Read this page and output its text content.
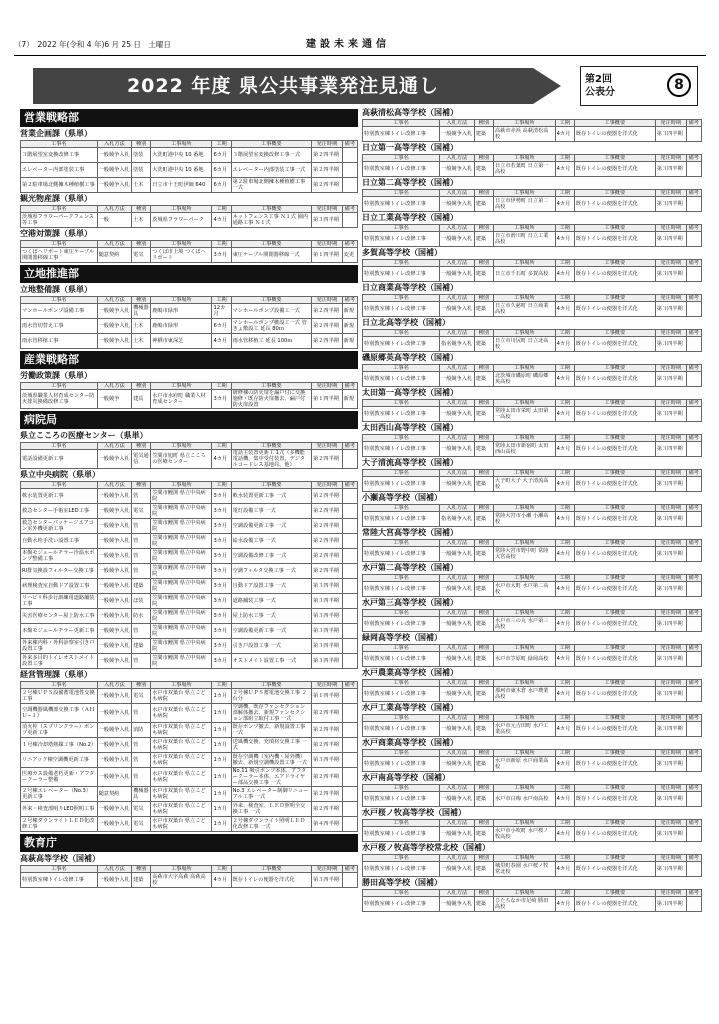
（7）　2022 年(令和 4 年)6 月 25 日　土曜日	建設未来通信
2022 年度 県公共事業発注見通し	第2回
公表分	8
営業戦略部
営業企画課（県単）
工事名	入札方法	種別	工事場所	工期	工事概要	発注時期	備考
３階展望室変換改修工事	一般競争入札	塗装	大洗町港中央 10 番地	6カ月	３階展望室変換改修工事一式	第２四半期	
エレベーター内部塗装工事	一般競争入札	塗装	大洗町港中央 10 番地	6カ月	エレベーター内部塗装工事一式	第２四半期	
第２駐車場北側擁木種植樹工事	一般競争入札	土木	日立市十王町伊師 640	6カ月	第２駐車場北側擁木種植樹工事一式	第２四半期	
観光物産課（県単）
工事名	入札方法	種別	工事場所	工期	工事概要	発注時期	備考
茨城県フラワーパークフェンス等工事	一般	土木	茨城県フラワーパーク	4カ月	ネットフェンス工事 Ｎ１式 園内通路工事 Ｎ１式	第３四半期	
空港対策課（県単）
工事名	入札方法	種別	工事場所	工期	工事概要	発注時期	備考
つくばヘリポート東圧ケーブル関閉器移線工事	随意契約	電気	つくば市上境 つくばヘリポート	3カ月	東圧ケーブル関閉器移線一式	第１四半期	変更
立地推進部
立地整備課（県単）
工事名	入札方法	種別	工事場所	工期	工事概要	発注時期	備考
マンホールポンプ設備工事	一般競争入札	機械器具	鹿嶋市緑形	12カ月	マンホールポンプ設備工一式	第２四半期	新規
雨水管切替え工事	一般競争入札	土木	鹿嶋市緑形	6カ月	マンホールポンプ撤設工一式 管きょ敷設工 延長 80ｍ	第２四半期	新規
雨水管移植工事	一般競争入札	土木	神栖市東深芝	4カ月	雨水管移植工 延長 100ｍ	第２四半期	新規
産業戦略部
労働政策課（県単）
工事名	入札方法	種別	工事場所	工期	工事概要	発注時期	備考
茨城県職業人材育成センター防火排災換備改修工事	一般競争	建具	水戸市水府町 職業人材育成センター	3カ月	研修棟の防火扉を漏戸付に交換施修・既存防火扉撤去、漏戸付防火扉設置	第１四半期	新規
病院局
県立こころの医療センター（県単）
工事名	入札方法	種別	工事場所	工期	工事概要	発注時期	備考
電話設備更新工事	一般競争入札	電気通信	笠間市旭町 県立こころの医療センター	4カ月	電話主装置更新工 1式（多機能電話機、集中受付装置、デジタルコードレス基地局、他）	第２四半期	
県立中央病院（県単）
工事名	入札方法	種別	工事場所	工期	工事概要	発注時期	備考
軟水装置更新工事	一般競争入札	管	笠間市鯉渕 県立中央病院	3カ月	軟水装置更新工事 一式	第２四半期	
救急センター手術室LED工事	一般競争入札	電気	笠間市鯉渕 県立中央病院	3カ月	電灯設備工事 一式	第２四半期	
救急センターパッケージエアコン室外機更新工事	一般競争入札	管	笠間市鯉渕 県立中央病院	3カ月	空調設備更新工事 一式	第２四半期	
自動水栓手洗い設置工事	一般競争入札	管	笠間市鯉渕 県立中央病院	3カ月	給水設備工事 一式	第２四半期	
本館モジュールチラー冷温水ポンプ整備工事	一般競争入札	管	笠間市鯉渕 県立中央病院	3カ月	空調設備改修工事 一式	第２四半期	
RI排気換設フィルター交換工事	一般競争入札	管	笠間市鯉渕 県立中央病院	3カ月	空調フィルタ交換工事 一式	第２四半期	
病理検査室自動ドア設置工事	一般競争入札	建築	笠間市鯉渕 県立中央病院	3カ月	自動ドア設置工事 一式	第３四半期	
リハビリ科歩行訓練用道路舗装工事	一般競争入札	ほ装	笠間市鯉渕 県立中央病院	3カ月	道路舗装工事 一式	第３四半期	
災害医療センター屋上防水工事	一般競争入札	防水	笠間市鯉渕 県立中央病院	3カ月	屋上防水工事 一式	第３四半期	
本館モジュールチラー更新工事	一般競争入札	管	笠間市鯉渕 県立中央病院	3カ月	空調設備更新工事 一式	第３四半期	
外来棟内科・外科診察室引き戸設置工事	一般競争入札	建築	笠間市鯉渕 県立中央病院	3カ月	引き戸設置工事 一式	第３四半期	
外来多目的トイレオストメイト設置工事	一般競争入札	管	笠間市鯉渕 県立中央病院	3カ月	オストメイト設置工事 一式	第３四半期	
経営管理課（県単）
工事名	入札方法	種別	工事場所	工期	工事概要	発注時期	備考
２号棟ＵＰＳ設備蓄電池性交換工事	一般競争入札	電気	水戸市双葉台 県立こども病院	1カ月	２号棟ＵＰＳ蓄電池交換工事 ２台分	第１四半期	
空調機器風機部交換工事（ＡＨＵ−１）	一般競争入札	管	水戸市双葉台 県立こども病院	1カ月	空調機、既存ファンセクション部解体撤去、新規ファンセクション部組立取付工事 一式	第２四半期	
消火栓（スプリンクラー）ポンプ更新工事	一般競争入札	消防	水戸市双葉台 県立こども病院	1カ月	既存ポンプ撤去、新規設置工事 一式	第２四半期	
１号棟冷却塔熱媒工事（No.2）	一般競争入札	管	水戸市双葉台 県立こども病院	1カ月	送風機交換、充填材交換工事 一式	第２四半期	
リニアック棟空調機更新工事	一般競争入札	管	水戸市双葉台 県立こども病院	1カ月	既存空調機（室内機・屋外機）撤去、新規空調機設置工事 一式	第３四半期	
医療ガス設備老朽更新・アフタークーラー整備	一般競争入札	管	水戸市双葉台 県立こども病院	1カ月	No.11 吸引ポンプ本体、アフタークーラー本体、エアドライヤー部品交換工事 一式	第２四半期	
２号棟エレベーター（No.3）更新工事	随意契約	機械器具	水戸市双葉台 県立こども病院	1カ月	No.3 エレベーター制御リニューアル工事 一式	第２四半期	
外来・検査部明りLED照明工事	一般競争入札	電気	水戸市双葉台 県立こども病院	1カ月	外来、検査室、ＬＥＤ照明全交換工事 一式	第２四半期	
２号棟ダウンライトＬＥＤ化改修工事	一般競争入札	電気	水戸市双葉台 県立こども病院	1カ月	２号棟ダウンライト照明ＬＥＤ化改修工事 一式	第４四半期	
教育庁
高萩高等学校（国補）
工事名	入札方法	種別	工事場所	工期	工事概要	発注時期	備考
特別教室棟トイレ改修工事	一般競争入札	建築	高萩市大字高萩 高萩高校	4カ月	既存トイレの便器を洋式化	第３四半期	
高萩清松高等学校（国補）
工事名	入札方法	種別	工事場所	工期	工事概要	発注時期	備考
特別教室棟トイレ改修工事	一般競争入札	建築	高萩市赤浜 高萩清松高校	4カ月	既存トイレの便器を洋式化	第３四半期	
日立第一高等学校（国補）
工事名	入札方法	種別	工事場所	工期	工事概要	発注時期	備考
特別教室棟トイレ改修工事	一般競争入札	建築	日立市若葉町 日立第一高校	4カ月	既存トイレの便器を洋式化	第３四半期	
日立第二高等学校（国補）
工事名	入札方法	種別	工事場所	工期	工事概要	発注時期	備考
特別教室棟トイレ改修工事	一般競争入札	建築	日立市伊勢町 日立第二高校	4カ月	既存トイレの便器を洋式化	第３四半期	
日立工業高等学校（国補）
工事名	入札方法	種別	工事場所	工期	工事概要	発注時期	備考
特別教室棟トイレ改修工事	一般競争入札	建築	日立市滑川町 日立工業高校	4カ月	既存トイレの便器を洋式化	第３四半期	
多賀高等学校（国補）
工事名	入札方法	種別	工事場所	工期	工事概要	発注時期	備考
特別教室棟トイレ改修工事	一般競争入札	建築	日立市千石町 多賀高校	4カ月	既存トイレの便器を洋式化	第３四半期	
日立商業高等学校（国補）
工事名	入札方法	種別	工事場所	工期	工事概要	発注時期	備考
特別教室棟トイレ改修工事	一般競争入札	建築	日立市久慈町 日立商業高校	4カ月	既存トイレの便器を洋式化	第３四半期	
日立北高等学校（国補）
工事名	入札方法	種別	工事場所	工期	工事概要	発注時期	備考
特別教室棟トイレ改修工事	指名競争入札	建築	日立市川尻町 日立北高校	4カ月	既存トイレの便器を洋式化	第３四半期	
磯原郷英高等学校（国補）
工事名	入札方法	種別	工事場所	工期	工事概要	発注時期	備考
特別教室棟トイレ改修工事	一般競争入札	建築	北茨城市磯原町 磯原郷英高校	4カ月	既存トイレの便器を洋式化	第３四半期	
太田第一高等学校（国補）
工事名	入札方法	種別	工事場所	工期	工事概要	発注時期	備考
特別教室棟トイレ改修工事	一般競争入札	建築	常陸太田市栄町 太田第一高校	4カ月	既存トイレの便器を洋式化	第３四半期	
太田西山高等学校（国補）
工事名	入札方法	種別	工事場所	工期	工事概要	発注時期	備考
特別教室棟トイレ改修工事	一般競争入札	建築	常陸太田市新宿町 太田西山高校	4カ月	既存トイレの便器を洋式化	第３四半期	
大子清流高等学校（国補）
工事名	入札方法	種別	工事場所	工期	工事概要	発注時期	備考
特別教室棟トイレ改修工事	一般競争入札	建築	大子町大子 大子清流高校	4カ月	既存トイレの便器を洋式化	第３四半期	
小瀬高等学校（国補）
工事名	入札方法	種別	工事場所	工期	工事概要	発注時期	備考
特別教室棟トイレ改修工事	指名競争入札	建築	常陸大宮市小瀬 小瀬高校	4カ月	既存トイレの便器を洋式化	第３四半期	
常陸大宮高等学校（国補）
工事名	入札方法	種別	工事場所	工期	工事概要	発注時期	備考
特別教室棟トイレ改修工事	一般競争入札	建築	常陸大宮市野中町 常陸大宮高校	4カ月	既存トイレの便器を洋式化	第３四半期	
水戸第二高等学校（国補）
工事名	入札方法	種別	工事場所	工期	工事概要	発注時期	備考
特別教室棟トイレ改修工事	一般競争入札	建築	水戸市大町 水戸第二高校	4カ月	既存トイレの便器を洋式化	第３四半期	
水戸第三高等学校（国補）
工事名	入札方法	種別	工事場所	工期	工事概要	発注時期	備考
特別教室棟トイレ改修工事	一般競争入札	建築	水戸市三の丸 水戸第三高校	4カ月	既存トイレの便器を洋式化	第３四半期	
緑岡高等学校（国補）
工事名	入札方法	種別	工事場所	工期	工事概要	発注時期	備考
特別教室棟トイレ改修工事	一般競争入札	建築	水戸市笠原町 緑岡高校	4カ月	既存トイレの便器を洋式化	第３四半期	
水戸農業高等学校（国補）
工事名	入札方法	種別	工事場所	工期	工事概要	発注時期	備考
特別教室棟トイレ改修工事	一般競争入札	建築	那珂市東木倉 水戸農業高校	4カ月	既存トイレの便器を洋式化	第３四半期	
水戸工業高等学校（国補）
工事名	入札方法	種別	工事場所	工期	工事概要	発注時期	備考
特別教室棟トイレ改修工事	一般競争入札	建築	水戸市元吉田町 水戸工業高校	4カ月	既存トイレの便器を洋式化	第３四半期	
水戸商業高等学校（国補）
工事名	入札方法	種別	工事場所	工期	工事概要	発注時期	備考
特別教室棟トイレ改修工事	一般競争入札	建築	水戸市新原 水戸商業高校	4カ月	既存トイレの便器を洋式化	第３四半期	
水戸南高等学校（国補）
工事名	入札方法	種別	工事場所	工期	工事概要	発注時期	備考
特別教室棟トイレ改修工事	一般競争入札	建築	水戸市白梅 水戸南高校	4カ月	既存トイレの便器を洋式化	第３四半期	
水戸桜ノ牧高等学校（国補）
工事名	入札方法	種別	工事場所	工期	工事概要	発注時期	備考
特別教室棟トイレ改修工事	一般競争入札	建築	水戸市小吹町 水戸桜ノ牧高校	4カ月	既存トイレの便器を洋式化	第３四半期	
水戸桜ノ牧高等学校常北校（国補）
工事名	入札方法	種別	工事場所	工期	工事概要	発注時期	備考
特別教室棟トイレ改修工事	一般競争入札	建築	城里町春園 水戸桜ノ牧常北校	4カ月	既存トイレの便器を洋式化	第３四半期	
勝田高等学校（国補）
工事名	入札方法	種別	工事場所	工期	工事概要	発注時期	備考
特別教室棟トイレ改修工事	一般競争入札	建築	ひたちなか市足崎 勝田高校	4カ月	既存トイレの便器を洋式化	第３四半期	
